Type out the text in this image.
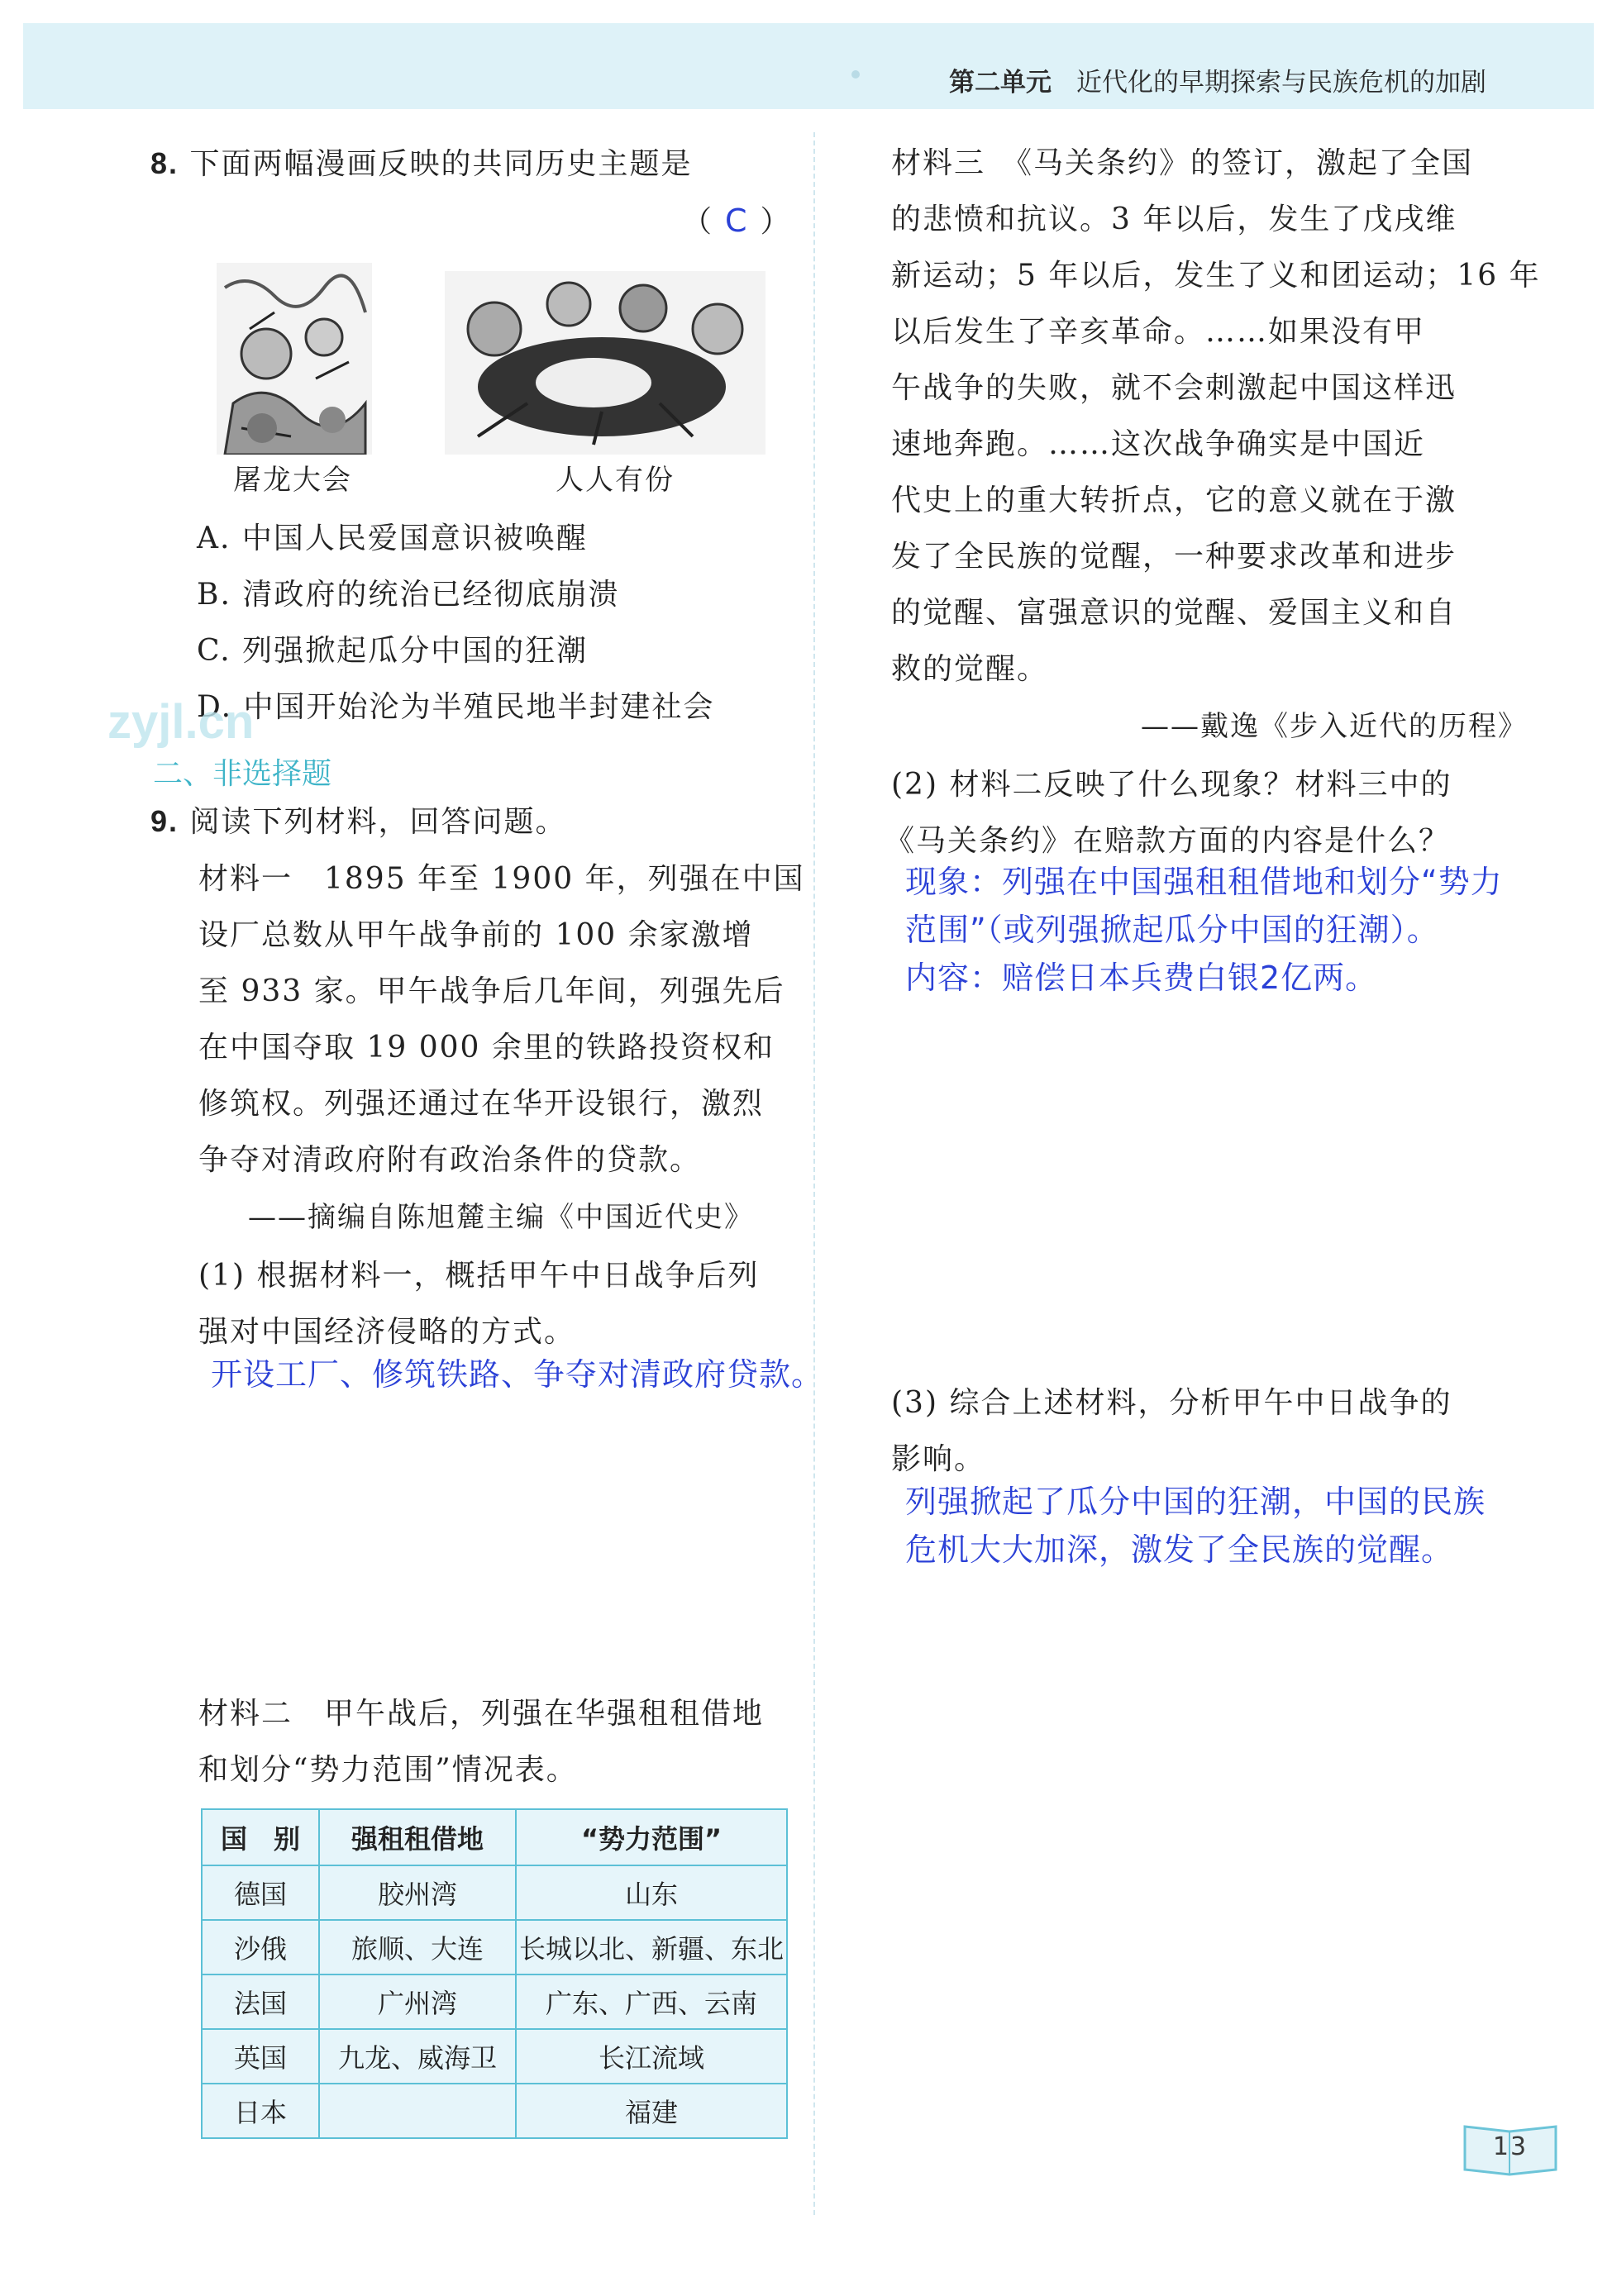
第二单元 近代化的早期探索与民族危机的加剧
8. 下面两幅漫画反映的共同历史主题是
（ C ）
屠龙大会	人人有份
A. 中国人民爱国意识被唤醒
B. 清政府的统治已经彻底崩溃
C. 列强掀起瓜分中国的狂潮
D. 中国开始沦为半殖民地半封建社会
zyjl.cn
二、非选择题
9. 阅读下列材料，回答问题。
材料一　1895 年至 1900 年，列强在中国
设厂总数从甲午战争前的 100 余家激增
至 933 家。甲午战争后几年间，列强先后
在中国夺取 19 000 余里的铁路投资权和
修筑权。列强还通过在华开设银行，激烈
争夺对清政府附有政治条件的贷款。
——摘编自陈旭麓主编《中国近代史》
(1) 根据材料一，概括甲午中日战争后列
强对中国经济侵略的方式。
开设工厂、修筑铁路、争夺对清政府贷款。
材料二　甲午战后，列强在华强租租借地
和划分“势力范围”情况表。
国　别	强租租借地	“势力范围”
德国	胶州湾	山东
沙俄	旅顺、大连	长城以北、新疆、东北
法国	广州湾	广东、广西、云南
英国	九龙、威海卫	长江流域
日本		福建
材料三　《马关条约》的签订，激起了全国
的悲愤和抗议。3 年以后，发生了戊戌维
新运动；5 年以后，发生了义和团运动；16 年
以后发生了辛亥革命。……如果没有甲
午战争的失败，就不会刺激起中国这样迅
速地奔跑。……这次战争确实是中国近
代史上的重大转折点，它的意义就在于激
发了全民族的觉醒，一种要求改革和进步
的觉醒、富强意识的觉醒、爱国主义和自
救的觉醒。
——戴逸《步入近代的历程》
(2) 材料二反映了什么现象？材料三中的
《马关条约》在赔款方面的内容是什么？
现象：列强在中国强租租借地和划分“势力
范围”（或列强掀起瓜分中国的狂潮）。
内容：赔偿日本兵费白银2亿两。
(3) 综合上述材料，分析甲午中日战争的
影响。
列强掀起了瓜分中国的狂潮，中国的民族
危机大大加深，激发了全民族的觉醒。
13
